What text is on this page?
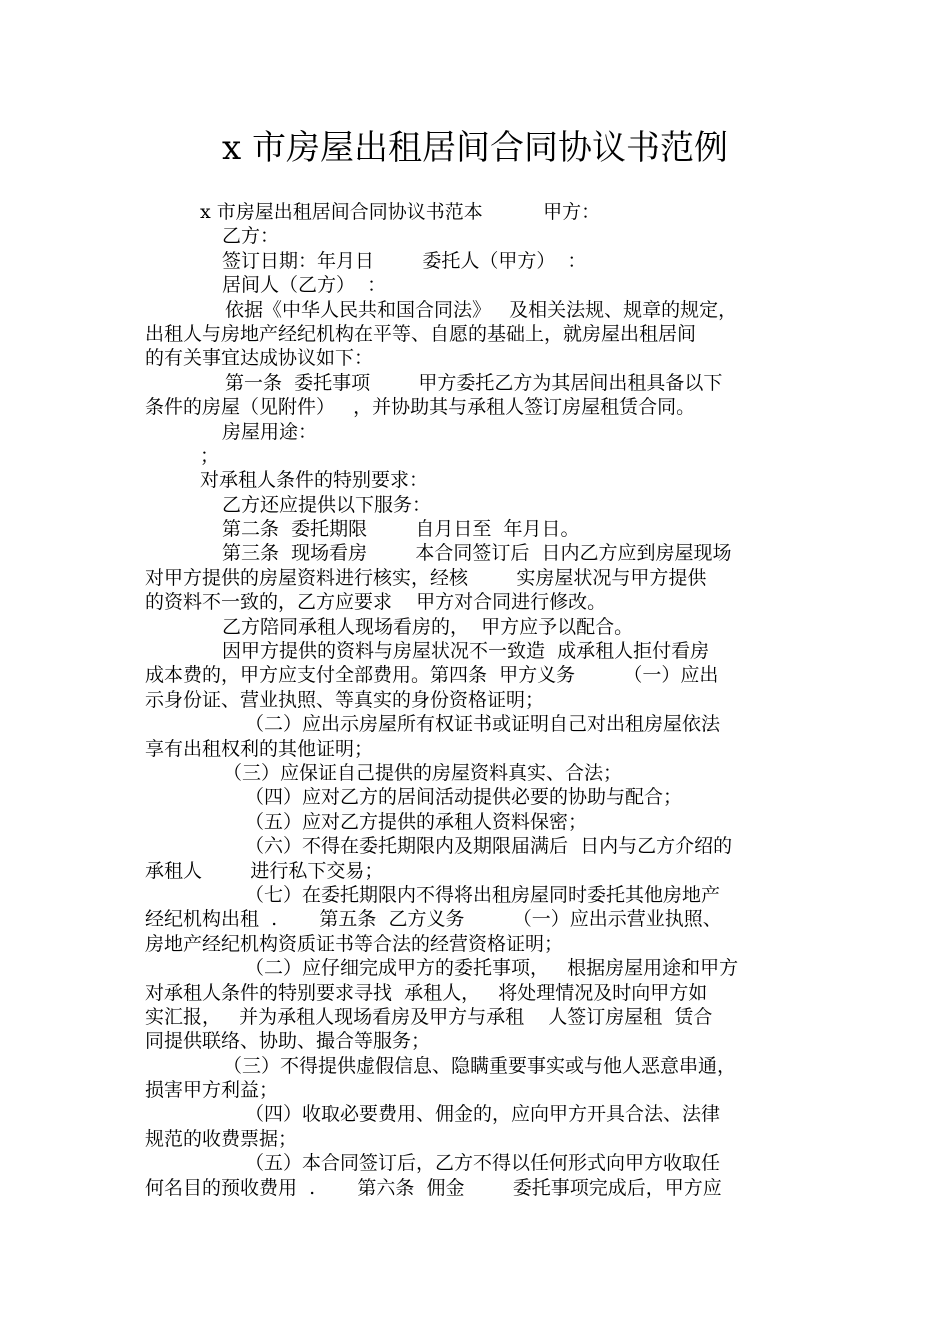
x 市房屋出租居间合同协议书范例
x 市房屋出租居间合同协议书范本          甲方：
乙方：
签订日期：年月日        委托人（甲方）  ：
居间人（乙方）  ：
依据《中华人民共和国合同法》   及相关法规、规章的规定，
出租人与房地产经纪机构在平等、自愿的基础上，就房屋出租居间
的有关事宜达成协议如下：
第一条  委托事项        甲方委托乙方为其居间出租具备以下
条件的房屋（见附件）   ，并协助其与承租人签订房屋租赁合同。
房屋用途：
；
对承租人条件的特别要求：
乙方还应提供以下服务：
第二条  委托期限        自月日至  年月日。
第三条  现场看房        本合同签订后  日内乙方应到房屋现场
对甲方提供的房屋资料进行核实，经核        实房屋状况与甲方提供
的资料不一致的，乙方应要求    甲方对合同进行修改。
乙方陪同承租人现场看房的，  甲方应予以配合。
因甲方提供的资料与房屋状况不一致造  成承租人拒付看房
成本费的，甲方应支付全部费用。第四条  甲方义务        （一）应出
示身份证、营业执照、等真实的身份资格证明；
（二）应出示房屋所有权证书或证明自己对出租房屋依法
享有出租权利的其他证明；
（三）应保证自己提供的房屋资料真实、合法；
（四）应对乙方的居间活动提供必要的协助与配合；
（五）应对乙方提供的承租人资料保密；
（六）不得在委托期限内及期限届满后  日内与乙方介绍的
承租人        进行私下交易；
（七）在委托期限内不得将出租房屋同时委托其他房地产
经纪机构出租  .       第五条  乙方义务        （一）应出示营业执照、
房地产经纪机构资质证书等合法的经营资格证明；
（二）应仔细完成甲方的委托事项，   根据房屋用途和甲方
对承租人条件的特别要求寻找  承租人，   将处理情况及时向甲方如
实汇报，   并为承租人现场看房及甲方与承租    人签订房屋租  赁合
同提供联络、协助、撮合等服务；
（三）不得提供虚假信息、隐瞒重要事实或与他人恶意串通，
损害甲方利益；
（四）收取必要费用、佣金的，应向甲方开具合法、法律
规范的收费票据；
（五）本合同签订后，乙方不得以任何形式向甲方收取任
何名目的预收费用  .       第六条  佣金        委托事项完成后，甲方应
